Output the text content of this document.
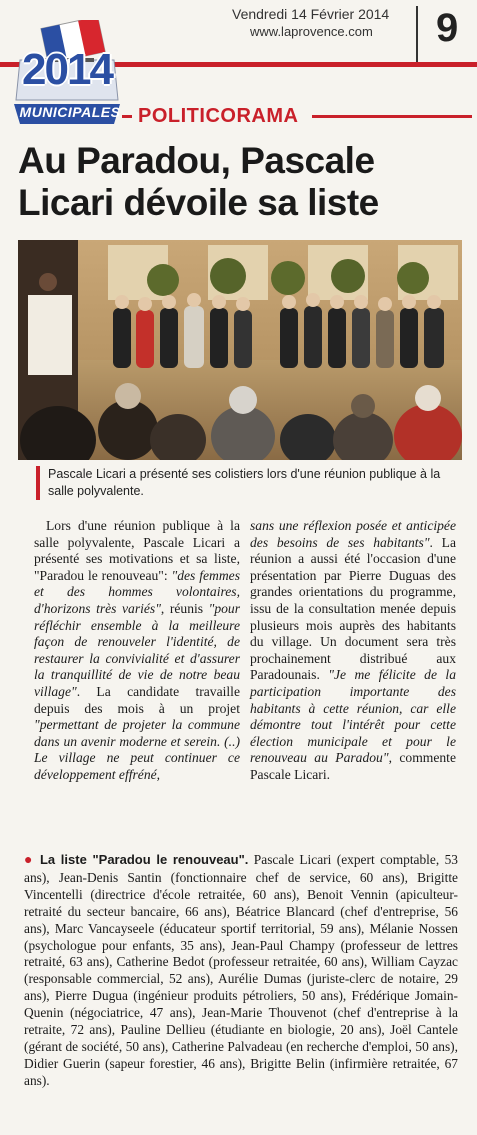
Vendredi 14 Février 2014
www.laprovence.com 9
2014
MUNICIPALES POLITICORAMA
Au Paradou, Pascale Licari dévoile sa liste
Pascale Licari a présenté ses colistiers lors d'une réunion publique à la salle polyvalente.
Lors d'une réunion publique à la salle polyvalente, Pascale Licari a présenté ses motivations et sa liste, "Paradou le renouveau": "des femmes et des hommes volontaires, d'horizons très variés", réunis "pour réfléchir ensemble à la meilleure façon de renouveler l'identité, de restaurer la convivialité et d'assurer la tranquillité de vie de notre beau village". La candidate travaille depuis des mois à un projet "permettant de projeter la commune dans un avenir moderne et serein. (..) Le village ne peut continuer ce développement effréné,
sans une réflexion posée et anticipée des besoins de ses habitants". La réunion a aussi été l'occasion d'une présentation par Pierre Duguas des grandes orientations du programme, issu de la consultation menée depuis plusieurs mois auprès des habitants du village. Un document sera très prochainement distribué aux Paradounais. "Je me félicite de la participation importante des habitants à cette réunion, car elle démontre tout l'intérêt pour cette élection municipale et pour le renouveau au Paradou", commente Pascale Licari.
● La liste "Paradou le renouveau". Pascale Licari (expert comptable, 53 ans), Jean-Denis Santin (fonctionnaire chef de service, 60 ans), Brigitte Vincentelli (directrice d'école retraitée, 60 ans), Benoit Vennin (apiculteur-retraité du secteur bancaire, 66 ans), Béatrice Blancard (chef d'entreprise, 56 ans), Marc Vancayseele (éducateur sportif territorial, 59 ans), Mélanie Nossen (psychologue pour enfants, 35 ans), Jean-Paul Champy (professeur de lettres retraité, 63 ans), Catherine Bedot (professeur retraitée, 60 ans), William Cayzac (responsable commercial, 52 ans), Aurélie Dumas (juriste-clerc de notaire, 29 ans), Pierre Dugua (ingénieur produits pétroliers, 50 ans), Frédérique Jomain-Quenin (négociatrice, 47 ans), Jean-Marie Thouvenot (chef d'entreprise à la retraite, 72 ans), Pauline Dellieu (étudiante en biologie, 20 ans), Joël Cantele (gérant de société, 50 ans), Catherine Palvadeau (en recherche d'emploi, 50 ans), Didier Guerin (sapeur forestier, 46 ans), Brigitte Belin (infirmière retraitée, 67 ans).
